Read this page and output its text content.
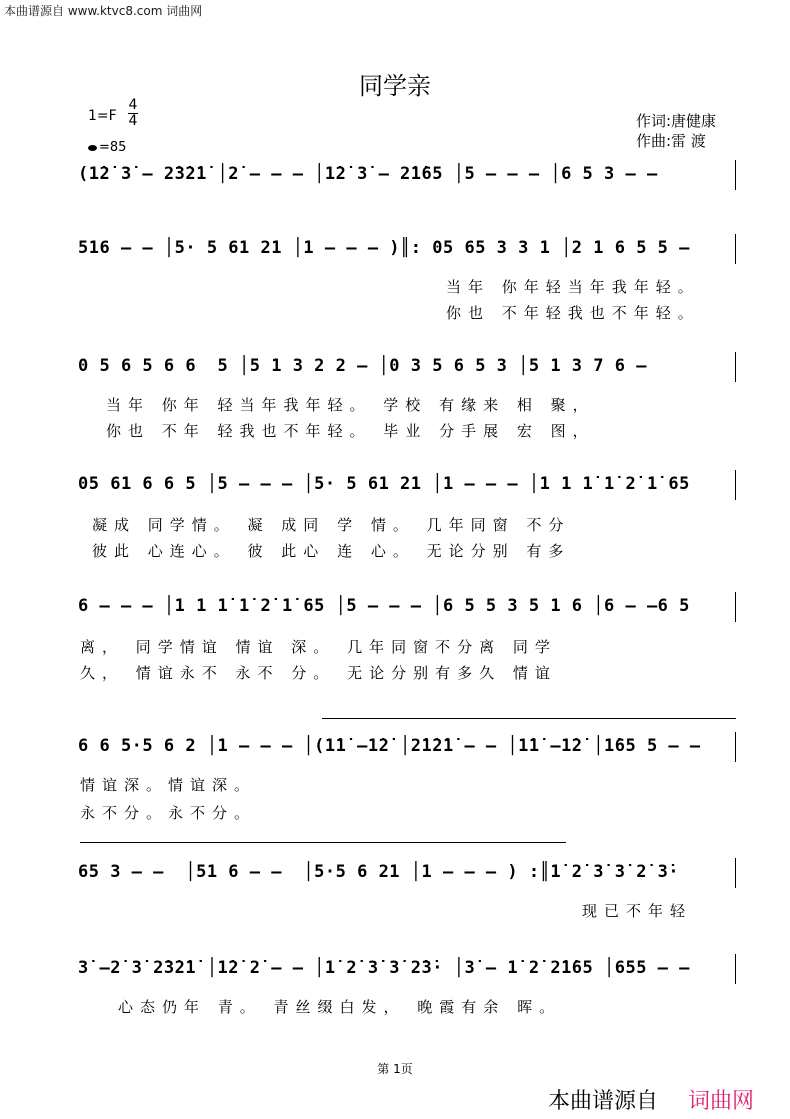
本曲谱源自 www.ktvc8.com 词曲网
同学亲
1=F
4
4
=85
作词:唐健康
作曲:雷 渡
(1̇2̇ 3̇ – 2̇3̇2̇1̇ │2̇ – – – │1̇2̇ 3̇ – 2̇1̇65 │5 – – – │6 5 3 – –
516 – – │5· 5 61 21 │1 – – – )║: 05 65 3 3 1 │2 1 6 5 5 –
当年 你年轻当年我年轻。
你也 不年轻我也不年轻。
0 5 6 5 6 6  5 │5 1 3 2 2 – │0 3 5 6 5 3 │5 1 3 7 6 –
当年 你年 轻当年我年轻。 学校 有缘来 相 聚，
你也 不年 轻我也不年轻。 毕业 分手展 宏 图，
05 61 6 6 5 │5 – – – │5· 5 61 21 │1 – – – │1 1 1̇ 1̇ 2̇ 1̇ 65
凝成 同学情。 凝 成同 学 情。 几年同窗 不分
彼此 心连心。 彼 此心 连 心。 无论分别 有多
6 – – – │1 1 1̇ 1̇ 2̇ 1̇ 65 │5 – – – │6 5 5 3 5 1 6 │6 – –6 5
离， 同学情谊 情谊 深。 几年同窗不分离 同学
久， 情谊永不 永不 分。 无论分别有多久 情谊
6 6 5·5 6 2 │1 – – – │(1̇1̇ –1̇2̇ │2̇1̇2̇1̇ – – │1̇1̇ –1̇2̇ │1̇65 5 – –
情谊深。情谊深。
永不分。永不分。
65 3 – –  │51 6 – –  │5·5 6 21 │1 – – – ) :║1̇ 2̇ 3̇ 3̇ 2̇ 3̇·
现已不年轻
3̇ –2̇ 3̇ 2̇3̇2̇1̇ │1̇2̇ 2̇ – – │1̇ 2̇ 3̇ 3̇ 2̇3̇· │3̇ – 1̇ 2̇ 2̇1̇65 │655 – –
心态仍年 青。 青丝缀白发， 晚霞有余 晖。
第 1页
本曲谱源自 词曲网
